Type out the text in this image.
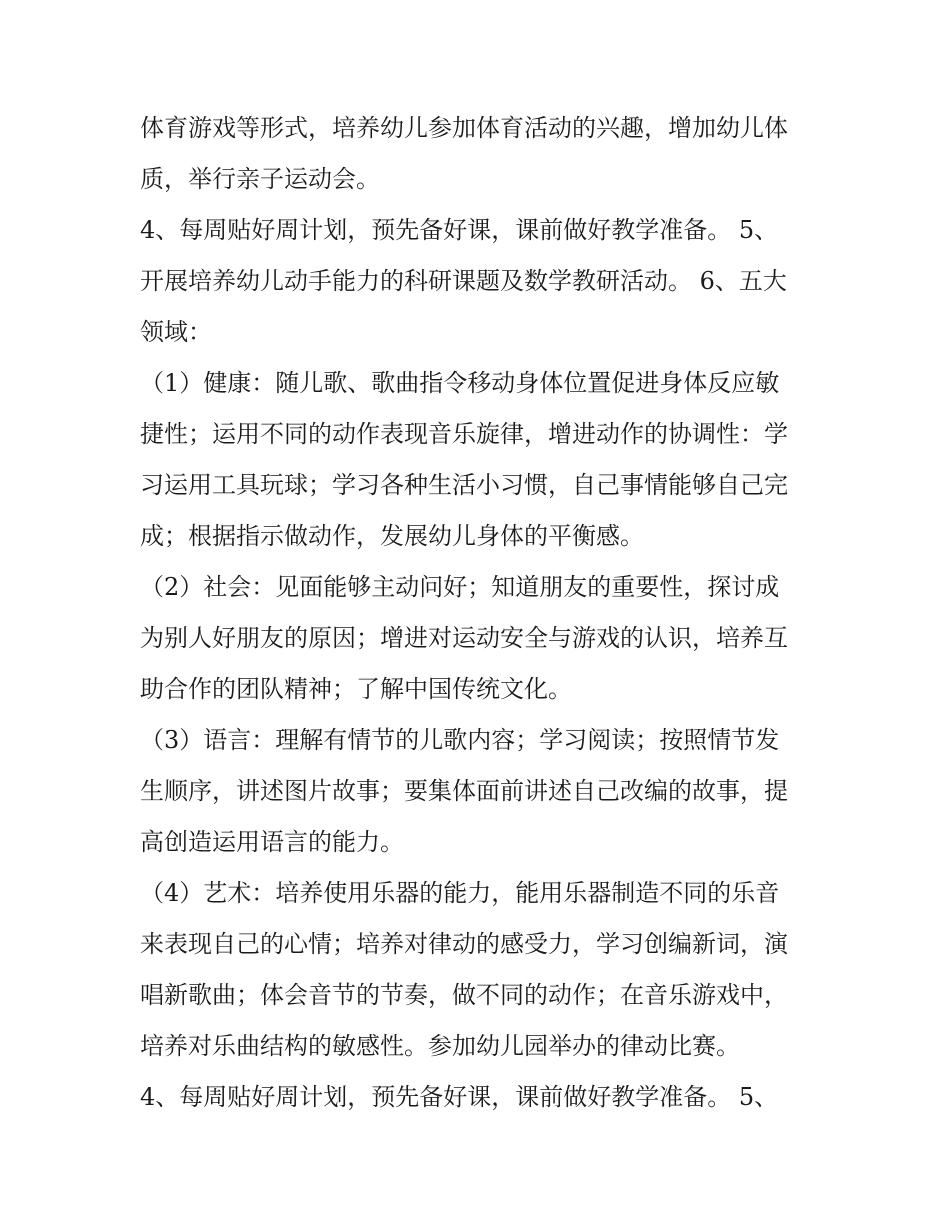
体育游戏等形式，培养幼儿参加体育活动的兴趣，增加幼儿体
质，举行亲子运动会。
4、每周贴好周计划，预先备好课，课前做好教学准备。 5、
开展培养幼儿动手能力的科研课题及数学教研活动。 6、五大
领域：
（1）健康：随儿歌、歌曲指令移动身体位置促进身体反应敏
捷性；运用不同的动作表现音乐旋律，增进动作的协调性：学
习运用工具玩球；学习各种生活小习惯，自己事情能够自己完
成；根据指示做动作，发展幼儿身体的平衡感。
（2）社会：见面能够主动问好；知道朋友的重要性，探讨成
为别人好朋友的原因；增进对运动安全与游戏的认识，培养互
助合作的团队精神；了解中国传统文化。
（3）语言：理解有情节的儿歌内容；学习阅读；按照情节发
生顺序，讲述图片故事；要集体面前讲述自己改编的故事，提
高创造运用语言的能力。
（4）艺术：培养使用乐器的能力，能用乐器制造不同的乐音
来表现自己的心情；培养对律动的感受力，学习创编新词，演
唱新歌曲；体会音节的节奏，做不同的动作；在音乐游戏中，
培养对乐曲结构的敏感性。参加幼儿园举办的律动比赛。
4、每周贴好周计划，预先备好课，课前做好教学准备。 5、
